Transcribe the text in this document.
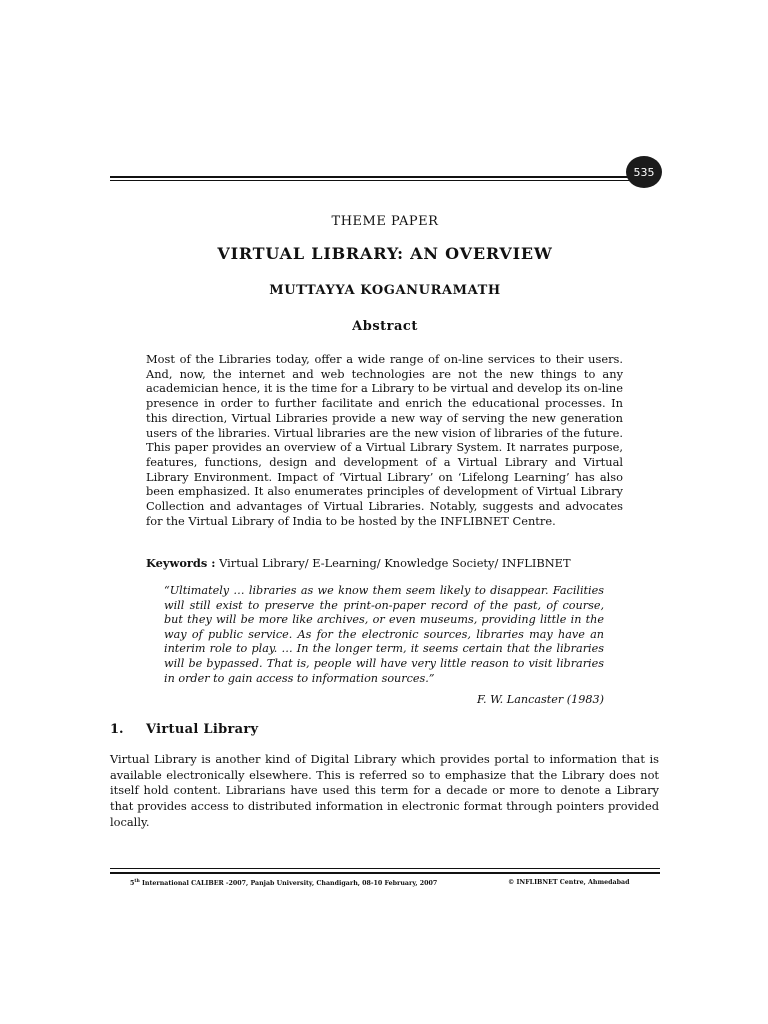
535
THEME PAPER
VIRTUAL LIBRARY: AN OVERVIEW
MUTTAYYA KOGANURAMATH
Abstract
Most of the Libraries today, offer a wide range of on-line services to their users. And, now, the internet and web technologies are not the new things to any academician hence, it is the time for a Library to be virtual and develop its on-line presence in order to further facilitate and enrich the educational processes. In this direction, Virtual Libraries provide a new way of serving the new generation users of the libraries. Virtual libraries are the new vision of libraries of the future. This paper provides an overview of a Virtual Library System. It narrates purpose, features, functions, design and development of a Virtual Library and Virtual Library Environment. Impact of ‘Virtual Library’ on ‘Lifelong Learning’ has also been emphasized. It also enumerates principles of development of Virtual Library Collection and advantages of Virtual Libraries. Notably, suggests and advocates for the Virtual Library of India to be hosted by the INFLIBNET Centre.
Keywords : Virtual Library/ E-Learning/ Knowledge Society/ INFLIBNET
“Ultimately … libraries as we know them seem likely to disappear. Facilities will still exist to preserve the print-on-paper record of the past, of course, but they will be more like archives, or even museums, providing little in the way of public service. As for the electronic sources, libraries may have an interim role to play. … In the longer term, it seems certain that the libraries will be bypassed. That is, people will have very little reason to visit libraries in order to gain access to information sources.”
F. W. Lancaster (1983)
1. Virtual Library
Virtual Library is another kind of Digital Library which provides portal to information that is available electronically elsewhere. This is referred so to emphasize that the Library does not itself hold content. Librarians have used this term for a decade or more to denote a Library that provides access to distributed information in electronic format through pointers provided locally.
5th International CALIBER -2007, Panjab University, Chandigarh, 08-10 February, 2007	© INFLIBNET Centre, Ahmedabad
